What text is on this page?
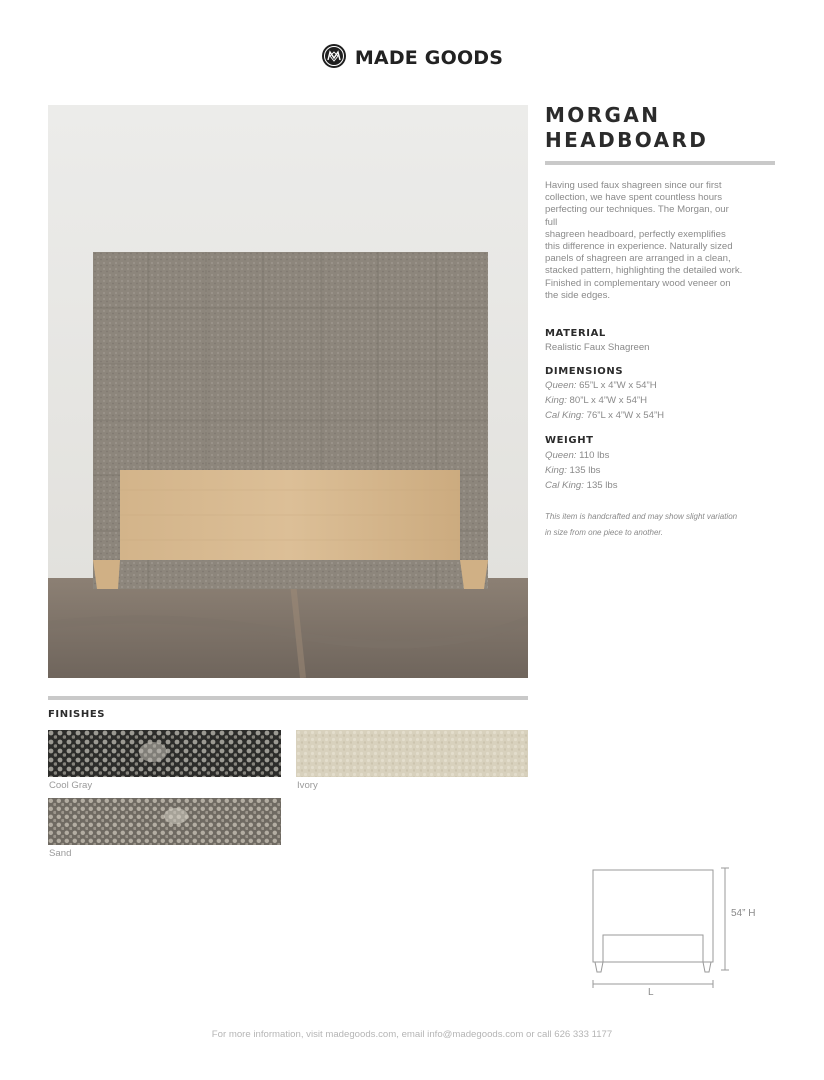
MADE GOODS
MORGAN
HEADBOARD
Having used faux shagreen since our first
collection, we have spent countless hours
perfecting our techniques. The Morgan, our
full
shagreen headboard, perfectly exemplifies
this difference in experience. Naturally sized
panels of shagreen are arranged in a clean,
stacked pattern, highlighting the detailed work.
Finished in complementary wood veneer on
the side edges.
MATERIAL
Realistic Faux Shagreen
DIMENSIONS
Queen: 65”L x 4”W x 54”H
King: 80”L x 4”W x 54”H
Cal King: 76”L x 4”W x 54”H
WEIGHT
Queen: 110 lbs
King: 135 lbs
Cal King: 135 lbs
This item is handcrafted and may show slight variation
in size from one piece to another.
FINISHES
Cool Gray	Ivory
Sand
54” H
L
For more information, visit madegoods.com, email info@madegoods.com or call 626 333 1177
